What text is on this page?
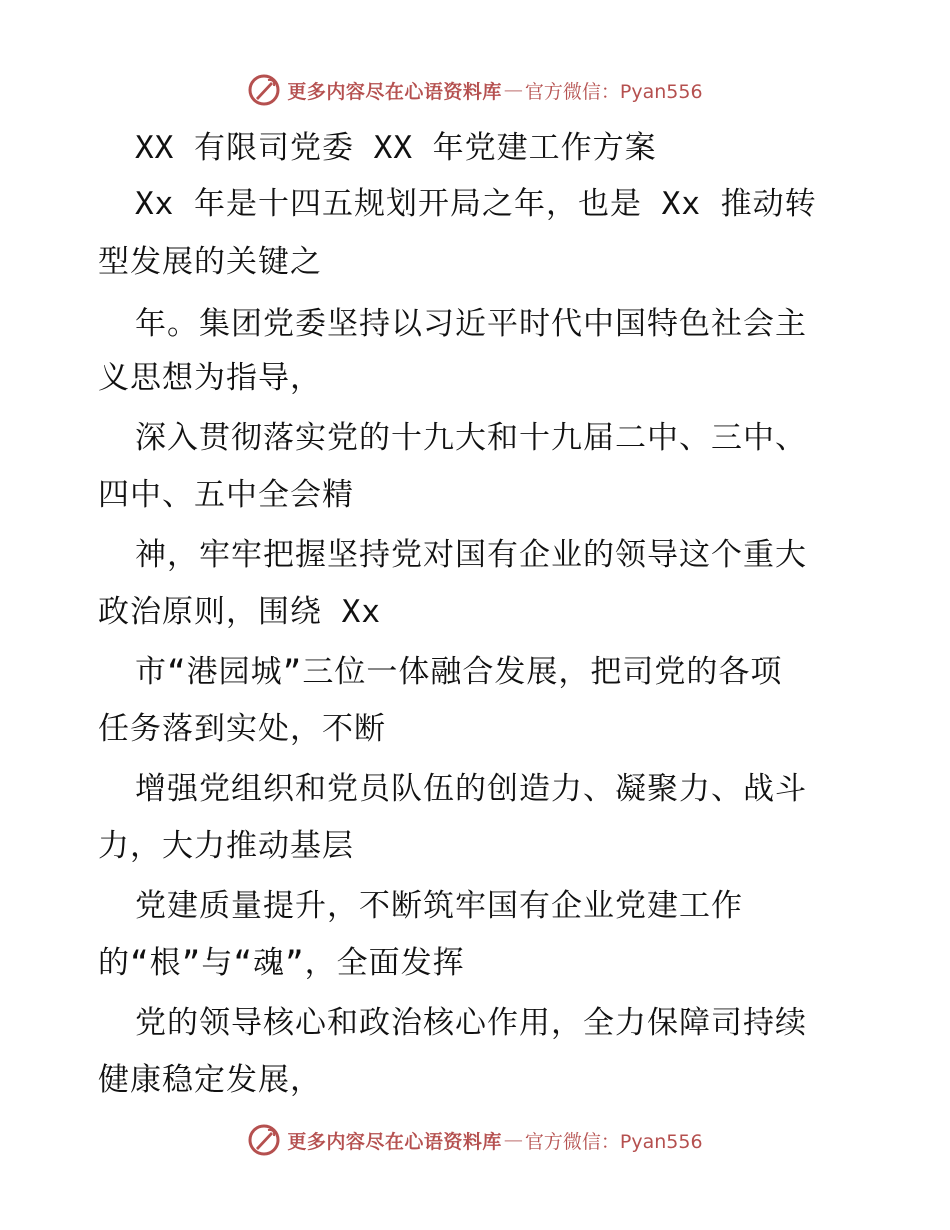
更多内容尽在心语资料库 — 官方微信：Pyan556
XX 有限司党委 XX 年党建工作方案
Xx 年是十四五规划开局之年，也是 Xx 推动转
型发展的关键之
年。集团党委坚持以习近平时代中国特色社会主
义思想为指导，
深入贯彻落实党的十九大和十九届二中、三中、
四中、五中全会精
神，牢牢把握坚持党对国有企业的领导这个重大
政治原则，围绕 Xx
市“港园城”三位一体融合发展，把司党的各项
任务落到实处，不断
增强党组织和党员队伍的创造力、凝聚力、战斗
力，大力推动基层
党建质量提升，不断筑牢国有企业党建工作
的“根”与“魂”，全面发挥
党的领导核心和政治核心作用，全力保障司持续
健康稳定发展，
更多内容尽在心语资料库 — 官方微信：Pyan556
